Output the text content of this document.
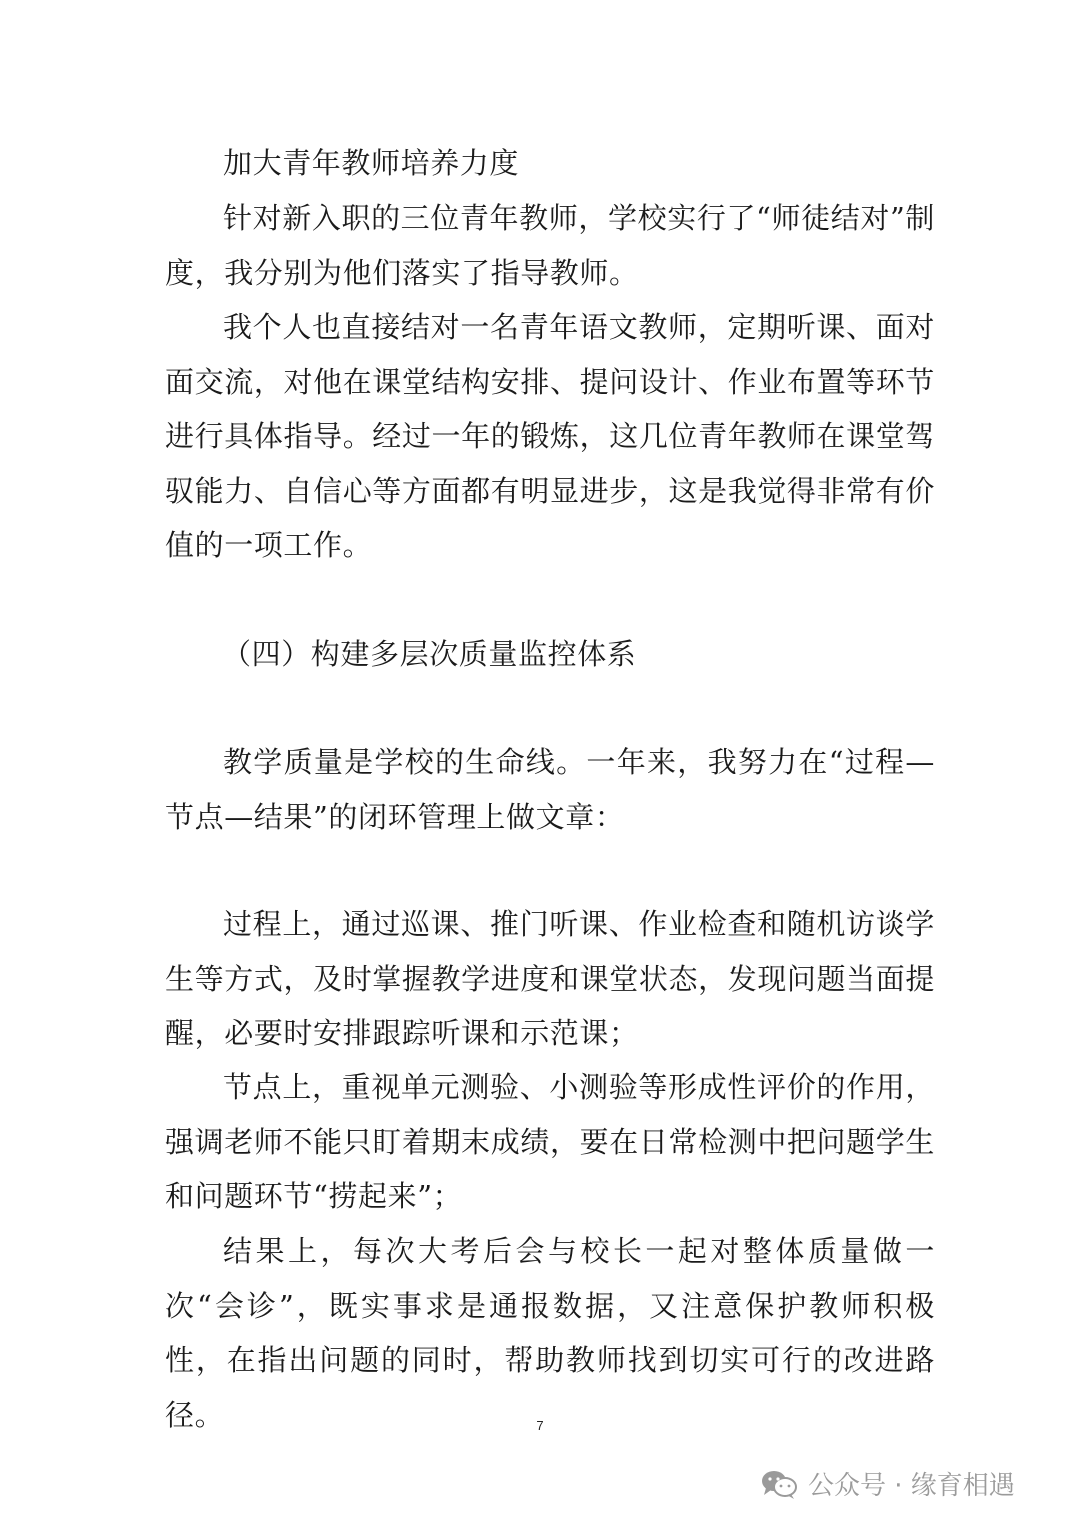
加大青年教师培养力度

针对新入职的三位青年教师，学校实行了“师徒结对”制度，我分别为他们落实了指导教师。

我个人也直接结对一名青年语文教师，定期听课、面对面交流，对他在课堂结构安排、提问设计、作业布置等环节进行具体指导。经过一年的锻炼，这几位青年教师在课堂驾驭能力、自信心等方面都有明显进步，这是我觉得非常有价值的一项工作。

（四）构建多层次质量监控体系

教学质量是学校的生命线。一年来，我努力在“过程—节点—结果”的闭环管理上做文章：

过程上，通过巡课、推门听课、作业检查和随机访谈学生等方式，及时掌握教学进度和课堂状态，发现问题当面提醒，必要时安排跟踪听课和示范课；

节点上，重视单元测验、小测验等形成性评价的作用，强调老师不能只盯着期末成绩，要在日常检测中把问题学生和问题环节“捞起来”；

结果上，每次大考后会与校长一起对整体质量做一次“会诊”，既实事求是通报数据，又注意保护教师积极性，在指出问题的同时，帮助教师找到切实可行的改进路径。	7
公众号 · 缘育相遇
